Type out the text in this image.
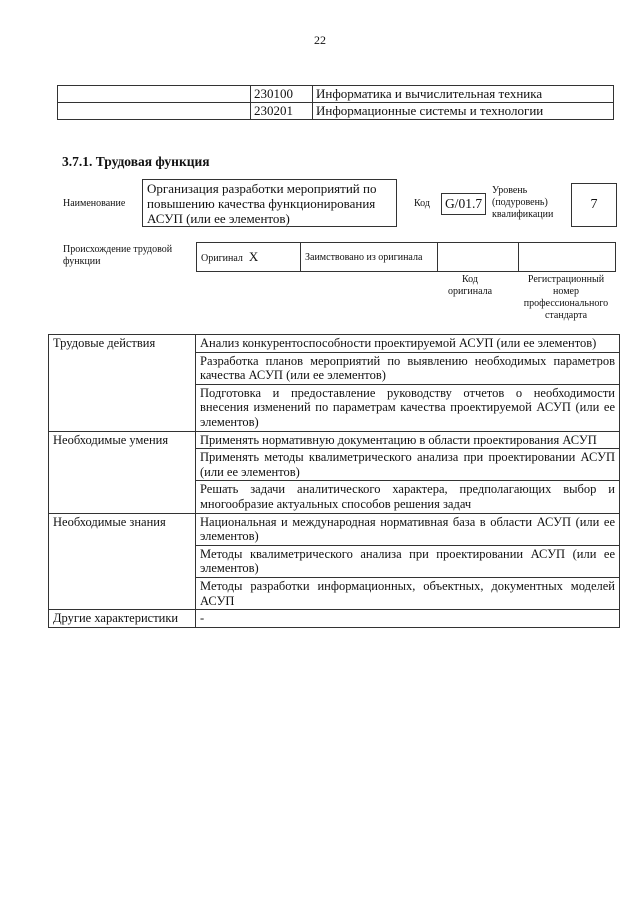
22
	230100	Информатика и вычислительная техника
	230201	Информационные системы и технологии
3.7.1. Трудовая функция
Наименование
Организация разработки мероприятий по повышению качества функционирования АСУП (или ее элементов)
Код G/01.7
Уровень (подуровень) квалификации
7
Происхождение трудовой функции	Оригинал X	Заимствовано из оригинала		
Код оригинала
Регистрационный номер профессионального стандарта
Трудовые действия	Анализ конкурентоспособности проектируемой АСУП (или ее элементов)
	Разработка планов мероприятий по выявлению необходимых параметров качества АСУП (или ее элементов)
	Подготовка и предоставление руководству отчетов о необходимости внесения изменений по параметрам качества проектируемой АСУП (или ее элементов)
Необходимые умения	Применять нормативную документацию в области проектирования АСУП
	Применять методы квалиметрического анализа при проектировании АСУП (или ее элементов)
	Решать задачи аналитического характера, предполагающих выбор и многообразие актуальных способов решения задач
Необходимые знания	Национальная и международная нормативная база в области АСУП (или ее элементов)
	Методы квалиметрического анализа при проектировании АСУП (или ее элементов)
	Методы разработки информационных, объектных, документных моделей АСУП
Другие характеристики	-
